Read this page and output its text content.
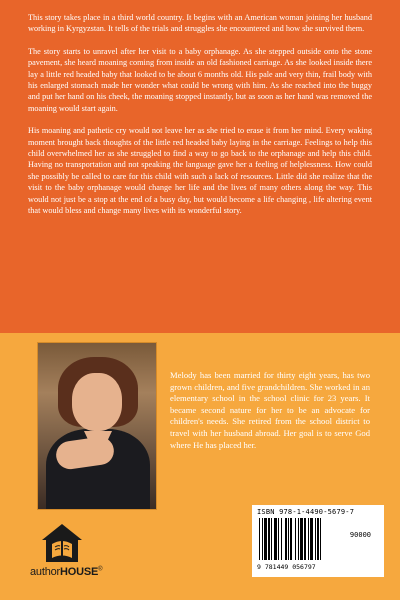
This story takes place in a third world country. It begins with an American woman joining her husband working in Kyrgyzstan. It tells of the trials and struggles she encountered and how she survived them.

The story starts to unravel after her visit to a baby orphanage. As she stepped outside onto the stone pavement, she heard moaning coming from inside an old fashioned carriage. As she looked inside there lay a little red headed baby that looked to be about 6 months old. His pale and very thin, frail body with his enlarged stomach made her wonder what could be wrong with him. As she reached into the buggy and put her hand on his cheek, the moaning stopped instantly, but as soon as her hand was removed the moaning would start again.

His moaning and pathetic cry would not leave her as she tried to erase it from her mind. Every waking moment brought back thoughts of the little red headed baby laying in the carriage. Feelings to help this child overwhelmed her as she struggled to find a way to go back to the orphanage and help this child. Having no transportation and not speaking the language gave her a feeling of helplessness. How could she possibly be called to care for this child with such a lack of resources. Little did she realize that the visit to the baby orphanage would change her life and the lives of many others along the way. This would not just be a stop at the end of a busy day, but would become a life changing , life altering event that would bless and change many lives with its wonderful story.

Melody has been married for thirty eight years, has two grown children, and five grandchildren. She worked in an elementary school in the school clinic for 23 years. It became second nature for her to be an advocate for children's needs. She retired from the school district to travel with her husband abroad. Her goal is to serve God where He has placed her.
authorHOUSE®
ISBN 978-1-4490-5679-7
90000
9 781449 056797
